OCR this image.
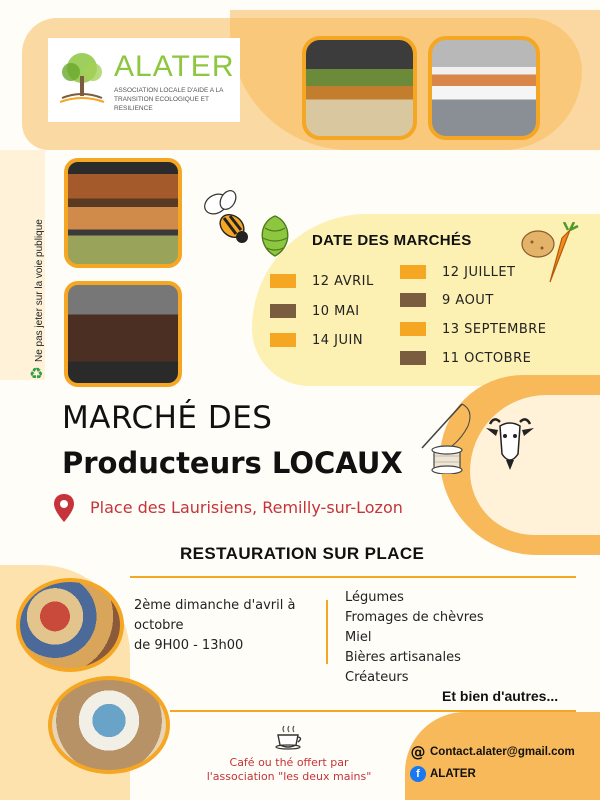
ALATER
ASSOCIATION LOCALE D'AIDE A LA TRANSITION ECOLOGIQUE ET RESILIENCE
Ne pas jeter sur la voie publique
♻
DATE DES MARCHÉS
12 AVRIL
10 MAI
14 JUIN
12 JUILLET
9 AOUT
13 SEPTEMBRE
11 OCTOBRE
MARCHÉ DES
Producteurs LOCAUX
Place des Laurisiens, Remilly-sur-Lozon
RESTAURATION SUR PLACE
2ème dimanche d'avril à octobre
de 9H00 - 13h00
Légumes
Fromages de chèvres
Miel
Bières artisanales
Créateurs
Et bien d'autres...
Café ou thé offert par
l'association "les deux mains"
@ Contact.alater@gmail.com
f ALATER
